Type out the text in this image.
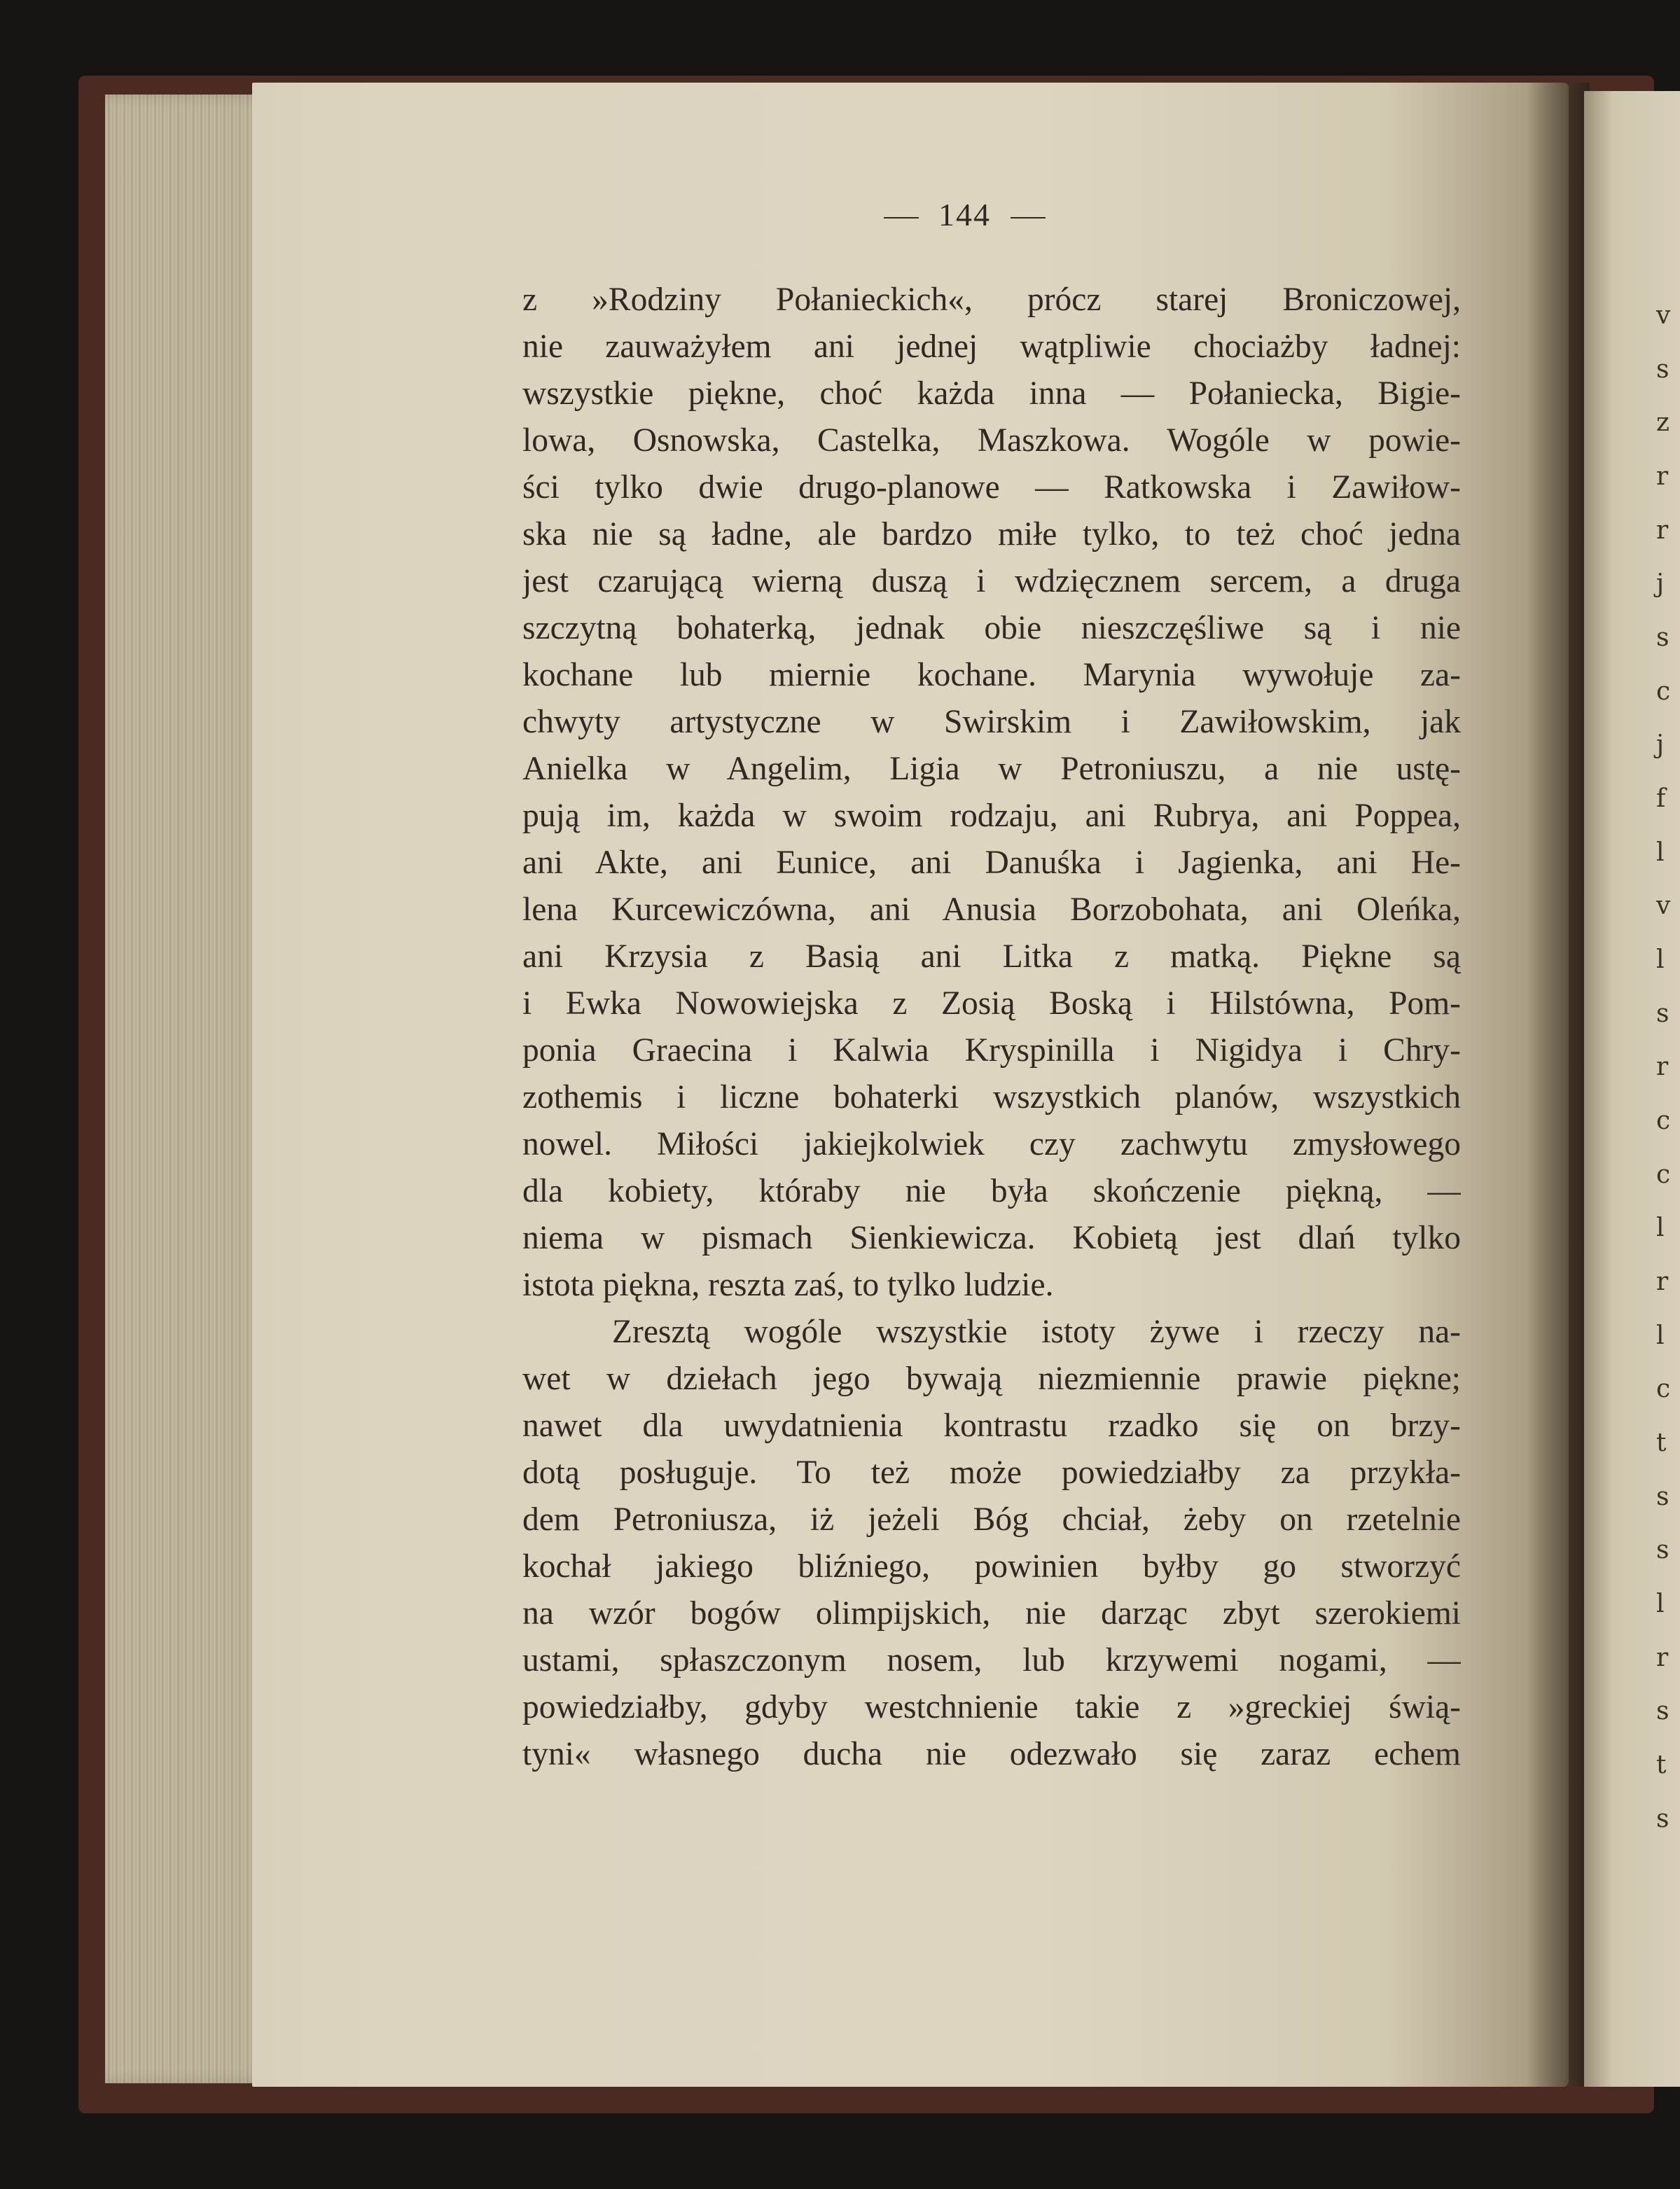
v
s
z
r
r
j
s
c
j
f
l
v
l
s
r
c
c
l
r
l
c
t
s
s
l
r
s
t
s
144
z »Rodziny Połanieckich«, prócz starej Broniczowej,
nie zauważyłem ani jednej wątpliwie chociażby ładnej:
wszystkie piękne, choć każda inna — Połaniecka, Bigie-
lowa, Osnowska, Castelka, Maszkowa. Wogóle w powie-
ści tylko dwie drugo-planowe — Ratkowska i Zawiłow-
ska nie są ładne, ale bardzo miłe tylko, to też choć jedna
jest czarującą wierną duszą i wdzięcznem sercem, a druga
szczytną bohaterką, jednak obie nieszczęśliwe są i nie
kochane lub miernie kochane. Marynia wywołuje za-
chwyty artystyczne w Swirskim i Zawiłowskim, jak
Anielka w Angelim, Ligia w Petroniuszu, a nie ustę-
pują im, każda w swoim rodzaju, ani Rubrya, ani Poppea,
ani Akte, ani Eunice, ani Danuśka i Jagienka, ani He-
lena Kurcewiczówna, ani Anusia Borzobohata, ani Oleńka,
ani Krzysia z Basią ani Litka z matką. Piękne są
i Ewka Nowowiejska z Zosią Boską i Hilstówna, Pom-
ponia Graecina i Kalwia Kryspinilla i Nigidya i Chry-
zothemis i liczne bohaterki wszystkich planów, wszystkich
nowel. Miłości jakiejkolwiek czy zachwytu zmysłowego
dla kobiety, któraby nie była skończenie piękną, —
niema w pismach Sienkiewicza. Kobietą jest dlań tylko
istota piękna, reszta zaś, to tylko ludzie.
Zresztą wogóle wszystkie istoty żywe i rzeczy na-
wet w dziełach jego bywają niezmiennie prawie piękne;
nawet dla uwydatnienia kontrastu rzadko się on brzy-
dotą posługuje. To też może powiedziałby za przykła-
dem Petroniusza, iż jeżeli Bóg chciał, żeby on rzetelnie
kochał jakiego bliźniego, powinien byłby go stworzyć
na wzór bogów olimpijskich, nie darząc zbyt szerokiemi
ustami, spłaszczonym nosem, lub krzywemi nogami, —
powiedziałby, gdyby westchnienie takie z »greckiej świą-
tyni« własnego ducha nie odezwało się zaraz echem
